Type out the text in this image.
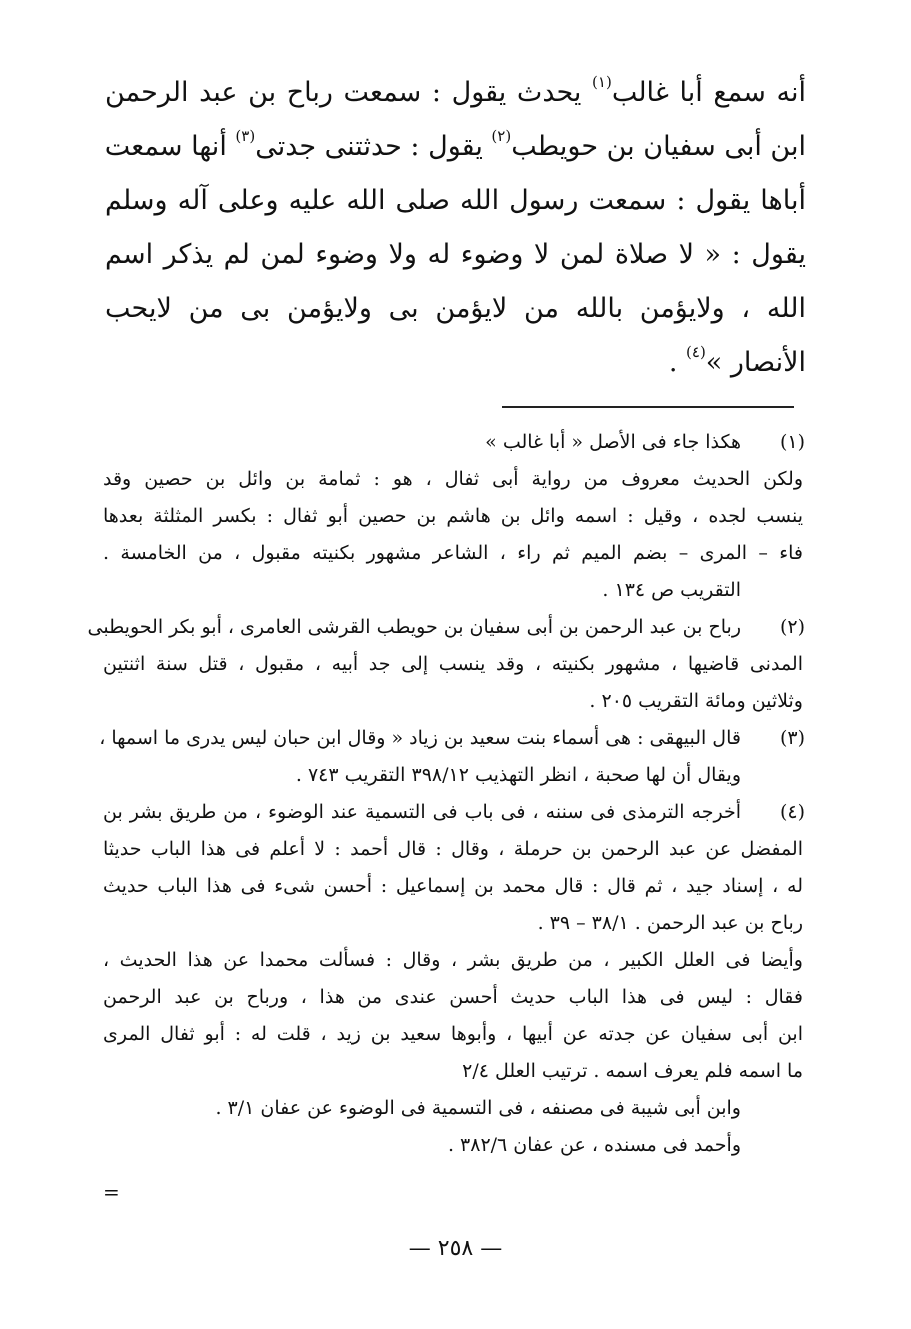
أنه سمع أبا غالب$^{(١)}$ يحدث يقول : سمعت رباح بن عبد الرحمن
ابن أبى سفيان بن حويطب$^{(٢)}$ يقول : حدثتنى جدتى$^{(٣)}$ أنها سمعت
أباها يقول : سمعت رسول الله صلى الله عليه وعلى آله وسلم
يقول : « لا صلاة لمن لا وضوء له ولا وضوء لمن لم يذكر اسم
الله ، ولايؤمن بالله من لايؤمن بى ولايؤمن بى من لايحب
الأنصار »$^{(٤)}$ .
(١)
هكذا جاء فى الأصل « أبا غالب »
ولكن الحديث معروف من رواية أبى ثفال ، هو : ثمامة بن وائل بن حصين وقد
ينسب لجده ، وقيل : اسمه وائل بن هاشم بن حصين أبو ثفال : بكسر المثلثة بعدها
فاء – المرى – بضم الميم ثم راء ، الشاعر مشهور بكنيته مقبول ، من الخامسة .
التقريب ص ١٣٤ .
(٢)
رباح بن عبد الرحمن بن أبى سفيان بن حويطب القرشى العامرى ، أبو بكر الحويطبى
المدنى قاضيها ، مشهور بكنيته ، وقد ينسب إلى جد أبيه ، مقبول ، قتل سنة اثنتين
وثلاثين ومائة التقريب ٢٠٥ .
(٣)
قال البيهقى : هى أسماء بنت سعيد بن زياد « وقال ابن حبان ليس يدرى ما اسمها ،
ويقال أن لها صحبة ، انظر التهذيب ٣٩٨/١٢ التقريب ٧٤٣ .
(٤)
أخرجه الترمذى فى سننه ، فى باب فى التسمية عند الوضوء ، من طريق بشر بن
المفضل عن عبد الرحمن بن حرملة ، وقال : قال أحمد : لا أعلم فى هذا الباب حديثا
له ، إسناد جيد ، ثم قال : قال محمد بن إسماعيل : أحسن شىء فى هذا الباب حديث
رباح بن عبد الرحمن . ٣٨/١ – ٣٩ .
وأيضا فى العلل الكبير ، من طريق بشر ، وقال : فسألت محمدا عن هذا الحديث ،
فقال : ليس فى هذا الباب حديث أحسن عندى من هذا ، ورباح بن عبد الرحمن
ابن أبى سفيان عن جدته عن أبيها ، وأبوها سعيد بن زيد ، قلت له : أبو ثفال المرى
ما اسمه فلم يعرف اسمه . ترتيب العلل ٢/٤
وابن أبى شيبة فى مصنفه ، فى التسمية فى الوضوء عن عفان ٣/١ .
وأحمد فى مسنده ، عن عفان ٣٨٢/٦ .
=
— ٢٥٨ —
